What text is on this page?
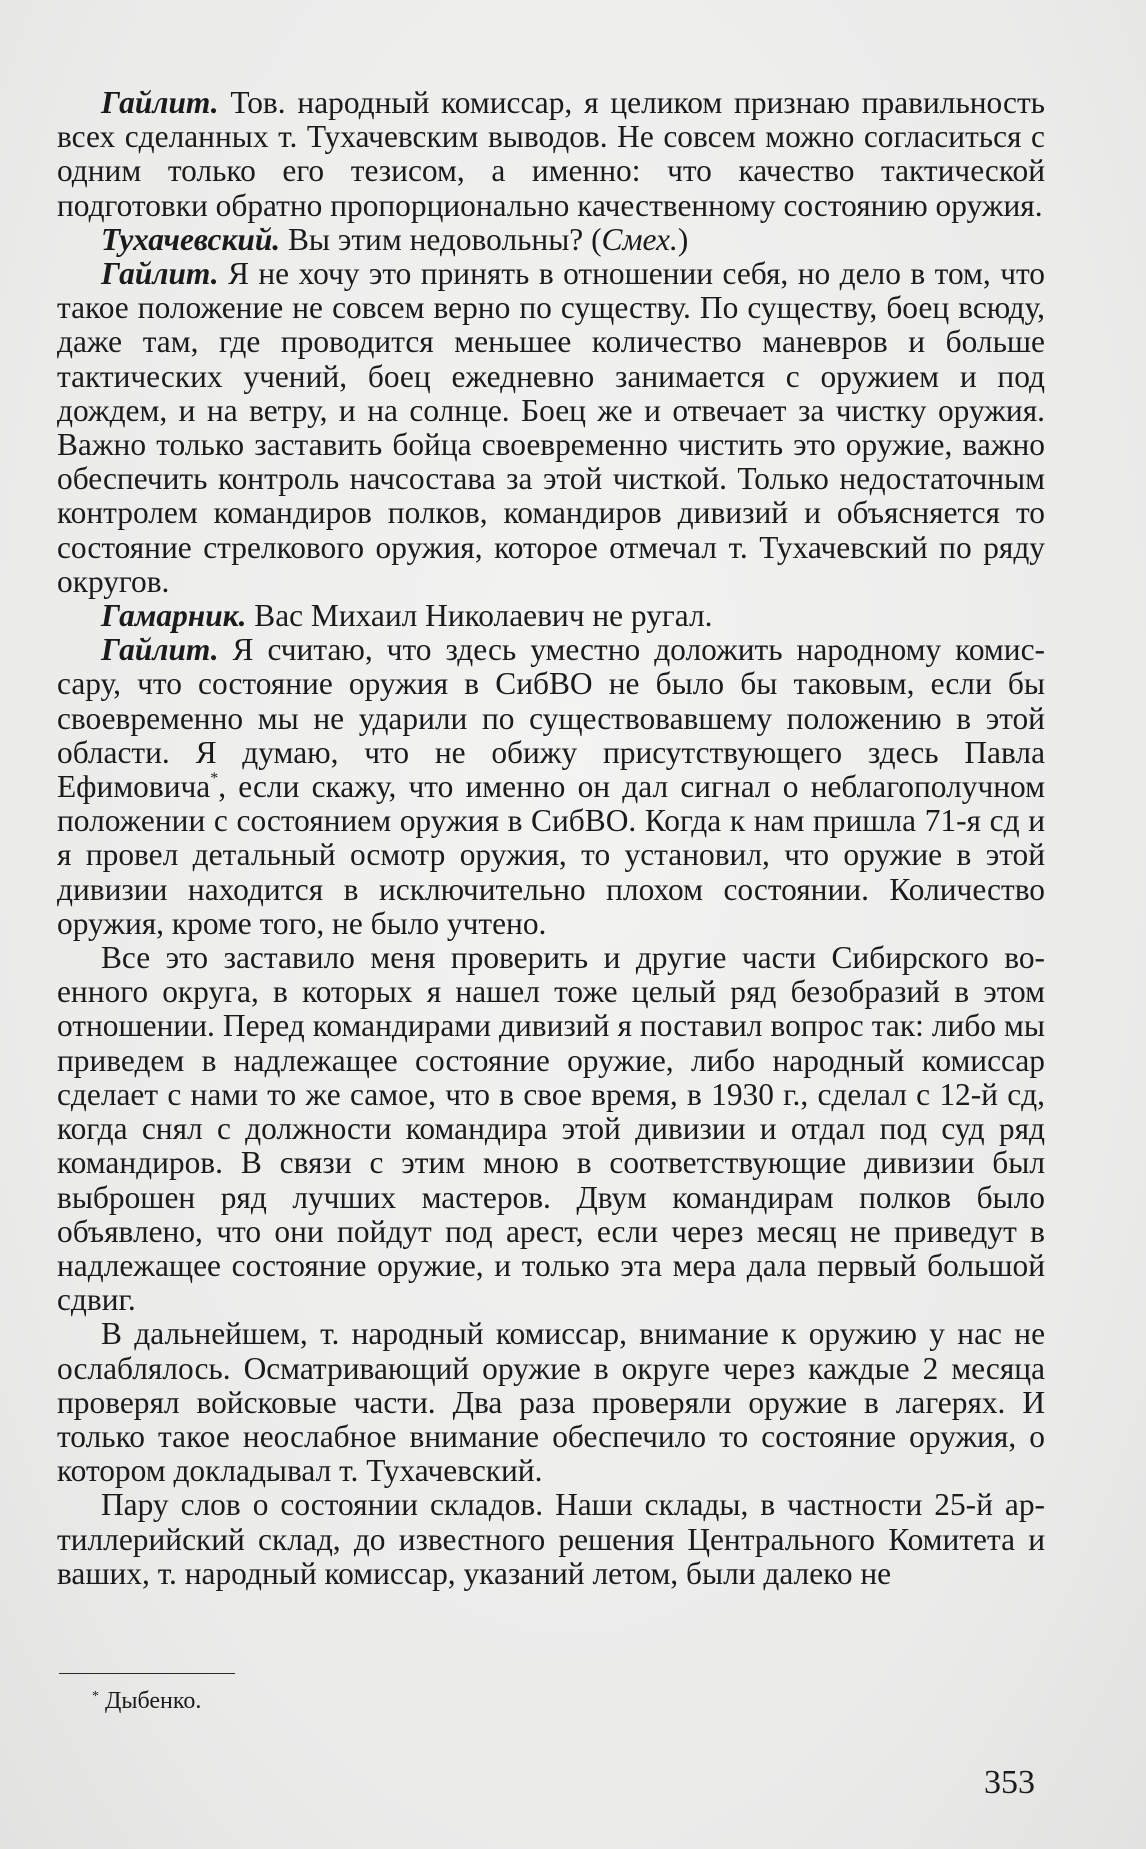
Гайлит. Тов. народный комиссар, я целиком признаю правильность всех сделанных т. Тухачевским выводов. Не совсем можно согласиться с одним только его тезисом, а именно: что качество тактической подготовки обратно пропорционально качественному состоянию оружия.

Тухачевский. Вы этим недовольны? (Смех.)

Гайлит. Я не хочу это принять в отношении себя, но дело в том, что такое положение не совсем верно по существу. По существу, боец всюду, даже там, где проводится меньшее количество маневров и больше тактических учений, боец ежедневно занимается с оружием и под дождем, и на ветру, и на солнце. Боец же и отвечает за чистку оружия. Важно только заставить бойца своевременно чистить это оружие, важно обеспечить контроль начсостава за этой чисткой. Только недостаточным контролем командиров полков, командиров дивизий и объясняется то состояние стрелкового оружия, которое отмечал т. Тухачевский по ряду округов.

Гамарник. Вас Михаил Николаевич не ругал.

Гайлит. Я считаю, что здесь уместно доложить народному комиссару, что состояние оружия в СибВО не было бы таковым, если бы своевременно мы не ударили по существовавшему положению в этой области. Я думаю, что не обижу присутствующего здесь Павла Ефимовича*, если скажу, что именно он дал сигнал о неблагополучном положении с состоянием оружия в СибВО. Когда к нам пришла 71-я сд и я провел детальный осмотр оружия, то установил, что оружие в этой дивизии находится в исключительно плохом состоянии. Количество оружия, кроме того, не было учтено.

Все это заставило меня проверить и другие части Сибирского военного округа, в которых я нашел тоже целый ряд безобразий в этом отношении. Перед командирами дивизий я поставил вопрос так: либо мы приведем в надлежащее состояние оружие, либо народный комиссар сделает с нами то же самое, что в свое время, в 1930 г., сделал с 12-й сд, когда снял с должности командира этой дивизии и отдал под суд ряд командиров. В связи с этим мною в соответствующие дивизии был выброшен ряд лучших мастеров. Двум командирам полков было объявлено, что они пойдут под арест, если через месяц не приведут в надлежащее состояние оружие, и только эта мера дала первый большой сдвиг.

В дальнейшем, т. народный комиссар, внимание к оружию у нас не ослаблялось. Осматривающий оружие в округе через каждые 2 месяца проверял войсковые части. Два раза проверяли оружие в лагерях. И только такое неослабное внимание обеспечило то состояние оружия, о котором докладывал т. Тухачевский.

Пару слов о состоянии складов. Наши склады, в частности 25-й артиллерийский склад, до известного решения Центрального Комитета и ваших, т. народный комиссар, указаний летом, были далеко не

* Дыбенко.
353
